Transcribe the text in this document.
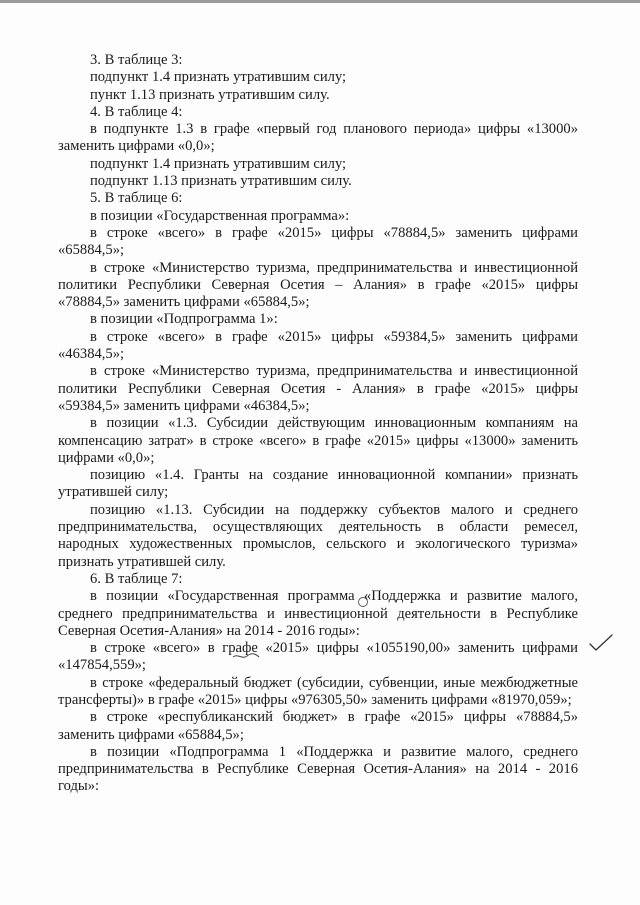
3. В таблице 3:

подпункт 1.4 признать утратившим силу;

пункт 1.13 признать утратившим силу.

4. В таблице 4:

в подпункте 1.3 в графе «первый год планового периода» цифры «13000» заменить цифрами «0,0»;

подпункт 1.4 признать утратившим силу;

подпункт 1.13 признать утратившим силу.

5. В таблице 6:

в позиции «Государственная программа»:

в строке «всего» в графе «2015» цифры «78884,5» заменить цифрами «65884,5»;

в строке «Министерство туризма, предпринимательства и инвестиционной политики Республики Северная Осетия – Алания» в графе «2015» цифры «78884,5» заменить цифрами «65884,5»;

в позиции «Подпрограмма 1»:

в строке «всего» в графе «2015» цифры «59384,5» заменить цифрами «46384,5»;

в строке «Министерство туризма, предпринимательства и инвестиционной политики Республики Северная Осетия - Алания» в графе «2015» цифры «59384,5» заменить цифрами «46384,5»;

в позиции «1.3. Субсидии действующим инновационным компаниям на компенсацию затрат» в строке «всего» в графе «2015» цифры «13000» заменить цифрами «0,0»;

позицию «1.4. Гранты на создание инновационной компании» признать утратившей силу;

позицию «1.13. Субсидии на поддержку субъектов малого и среднего предпринимательства, осуществляющих деятельность в области ремесел, народных художественных промыслов, сельского и экологического туризма» признать утратившей силу.

6. В таблице 7:

в позиции «Государственная программа «Поддержка и развитие малого, среднего предпринимательства и инвестиционной деятельности в Республике Северная Осетия-Алания» на 2014 - 2016 годы»:

в строке «всего» в графе «2015» цифры «1055190,00» заменить цифрами «147854,559»;

в строке «федеральный бюджет (субсидии, субвенции, иные межбюджетные трансферты)» в графе «2015» цифры «976305,50» заменить цифрами «81970,059»;

в строке «республиканский бюджет» в графе «2015» цифры «78884,5» заменить цифрами «65884,5»;

в позиции «Подпрограмма 1 «Поддержка и развитие малого, среднего предпринимательства в Республике Северная Осетия-Алания» на 2014 - 2016 годы»:
